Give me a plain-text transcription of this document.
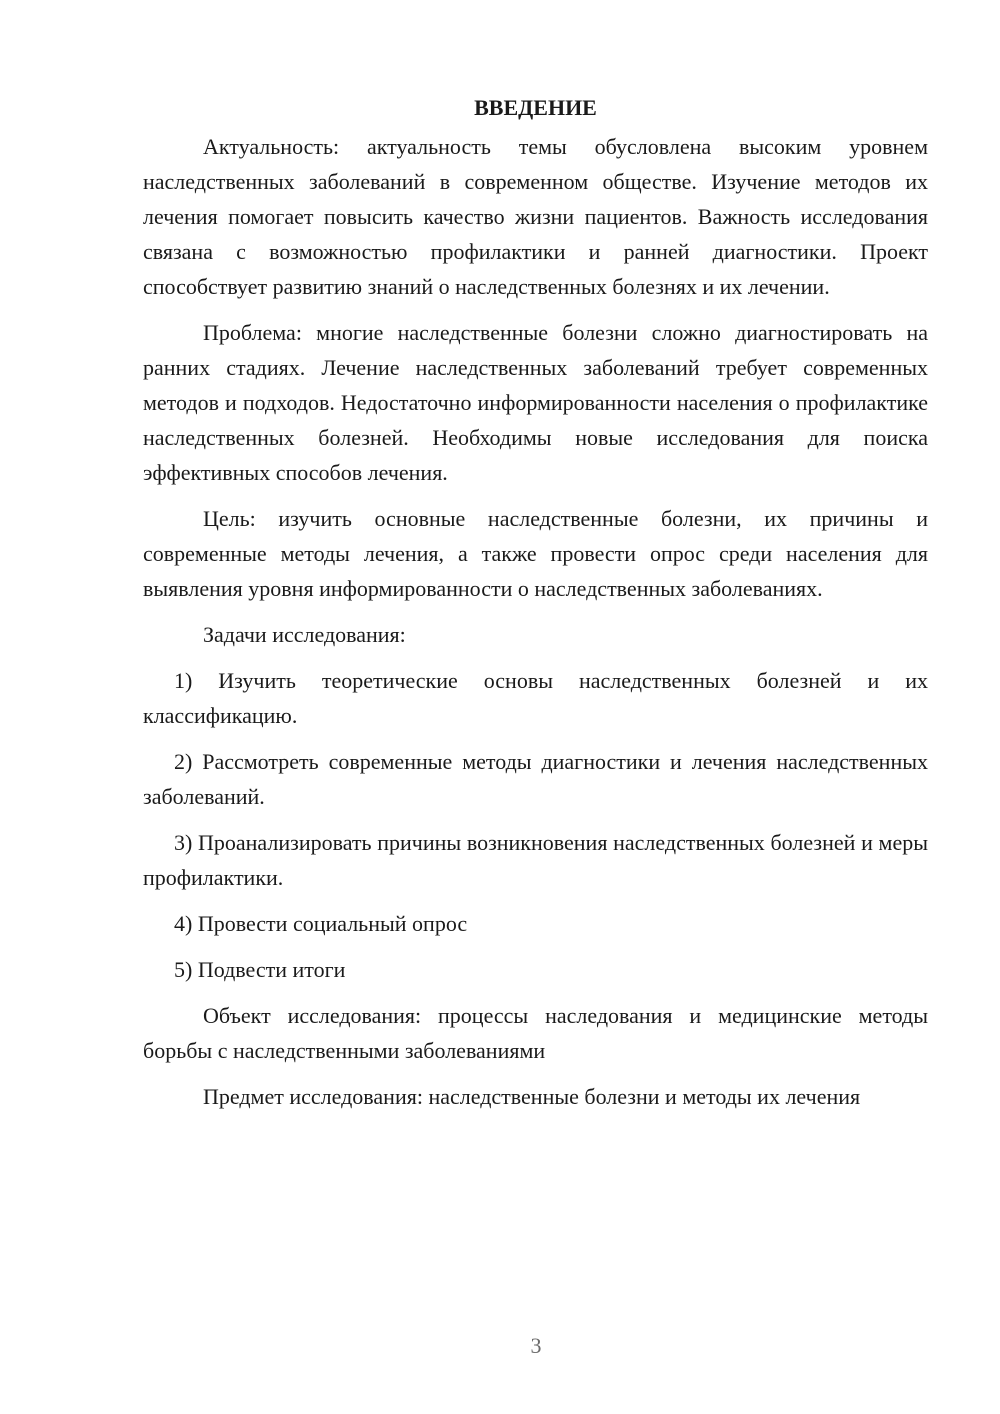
ВВЕДЕНИЕ

Актуальность: актуальность темы обусловлена высоким уровнем наследственных заболеваний в современном обществе. Изучение методов их лечения помогает повысить качество жизни пациентов. Важность исследования связана с возможностью профилактики и ранней диагностики. Проект способствует развитию знаний о наследственных болезнях и их лечении.

Проблема: многие наследственные болезни сложно диагностировать на ранних стадиях. Лечение наследственных заболеваний требует современных методов и подходов. Недостаточно информированности населения о профилактике наследственных болезней. Необходимы новые исследования для поиска эффективных способов лечения.

Цель: изучить основные наследственные болезни, их причины и современные методы лечения, а также провести опрос среди населения для выявления уровня информированности о наследственных заболеваниях.

Задачи исследования:

1) Изучить теоретические основы наследственных болезней и их классификацию.

2) Рассмотреть современные методы диагностики и лечения наследственных заболеваний.

3) Проанализировать причины возникновения наследственных болезней и меры профилактики.

4) Провести социальный опрос

5) Подвести итоги

Объект исследования: процессы наследования и медицинские методы борьбы с наследственными заболеваниями

Предмет исследования: наследственные болезни и методы их лечения

3
